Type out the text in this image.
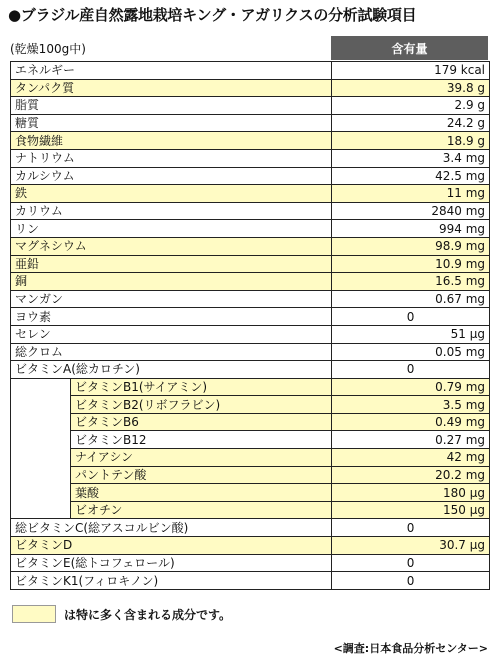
●ブラジル産自然露地栽培キング・アガリクスの分析試験項目
(乾燥100g中)	含有量
エネルギー		179 kcal
タンパク質		39.8 g
脂質		2.9 g
糖質		24.2 g
食物繊維		18.9 g
ナトリウム		3.4 mg
カルシウム		42.5 mg
鉄		11 mg
カリウム		2840 mg
リン		994 mg
マグネシウム		98.9 mg
亜鉛		10.9 mg
銅		16.5 mg
マンガン		0.67 mg
ヨウ素		0
セレン		51 μg
総クロム		0.05 mg
ビタミンA(総カロチン)		0
	ビタミンB1(サイアミン)	0.79 mg
	ビタミンB2(リボフラビン)	3.5 mg
	ビタミンB6	0.49 mg
	ビタミンB12	0.27 mg
	ナイアシン	42 mg
	パントテン酸	20.2 mg
	葉酸	180 μg
	ビオチン	150 μg
総ビタミンC(総アスコルビン酸)		0
ビタミンD		30.7 μg
ビタミンE(総トコフェロール)		0
ビタミンK1(フィロキノン)		0
は特に多く含まれる成分です。
<調査:日本食品分析センター>
